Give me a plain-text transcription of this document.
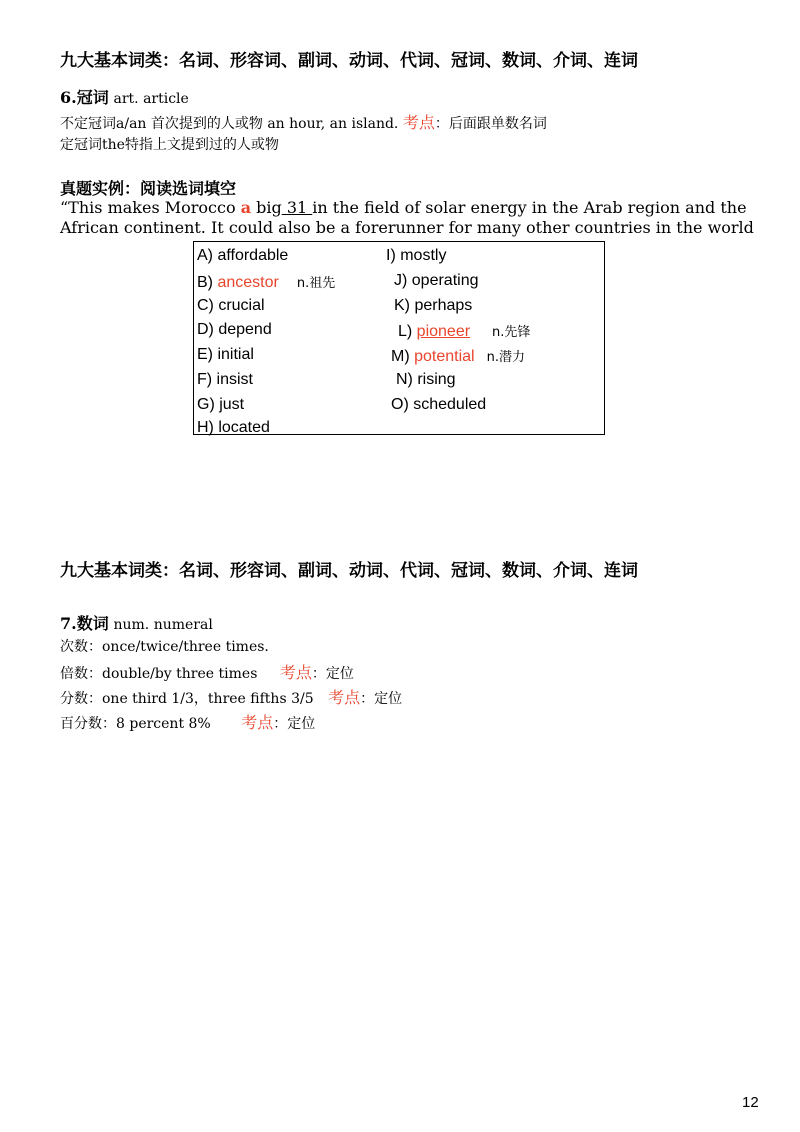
九大基本词类：名词、形容词、副词、动词、代词、冠词、数词、介词、连词
6.冠词 art. article
不定冠词a/an 首次提到的人或物 an hour, an island. 考点：后面跟单数名词
定冠词the特指上文提到过的人或物
真题实例：阅读选词填空
“This makes Morocco a big 31 in the field of solar energy in the Arab region and the
African continent. It could also be a forerunner for many other countries in the world
A) affordable
B) ancestor n.祖先
C) crucial
D) depend
E) initial
F) insist
G) just
H) located
I) mostly
J) operating
K) perhaps
L) pioneer n.先锋
M) potential n.潜力
N) rising
O) scheduled
九大基本词类：名词、形容词、副词、动词、代词、冠词、数词、介词、连词
7.数词 num. numeral
次数：once/twice/three times.
倍数：double/by three times 考点：定位
分数：one third 1/3，three fifths 3/5 考点：定位
百分数：8 percent 8% 考点：定位
12
